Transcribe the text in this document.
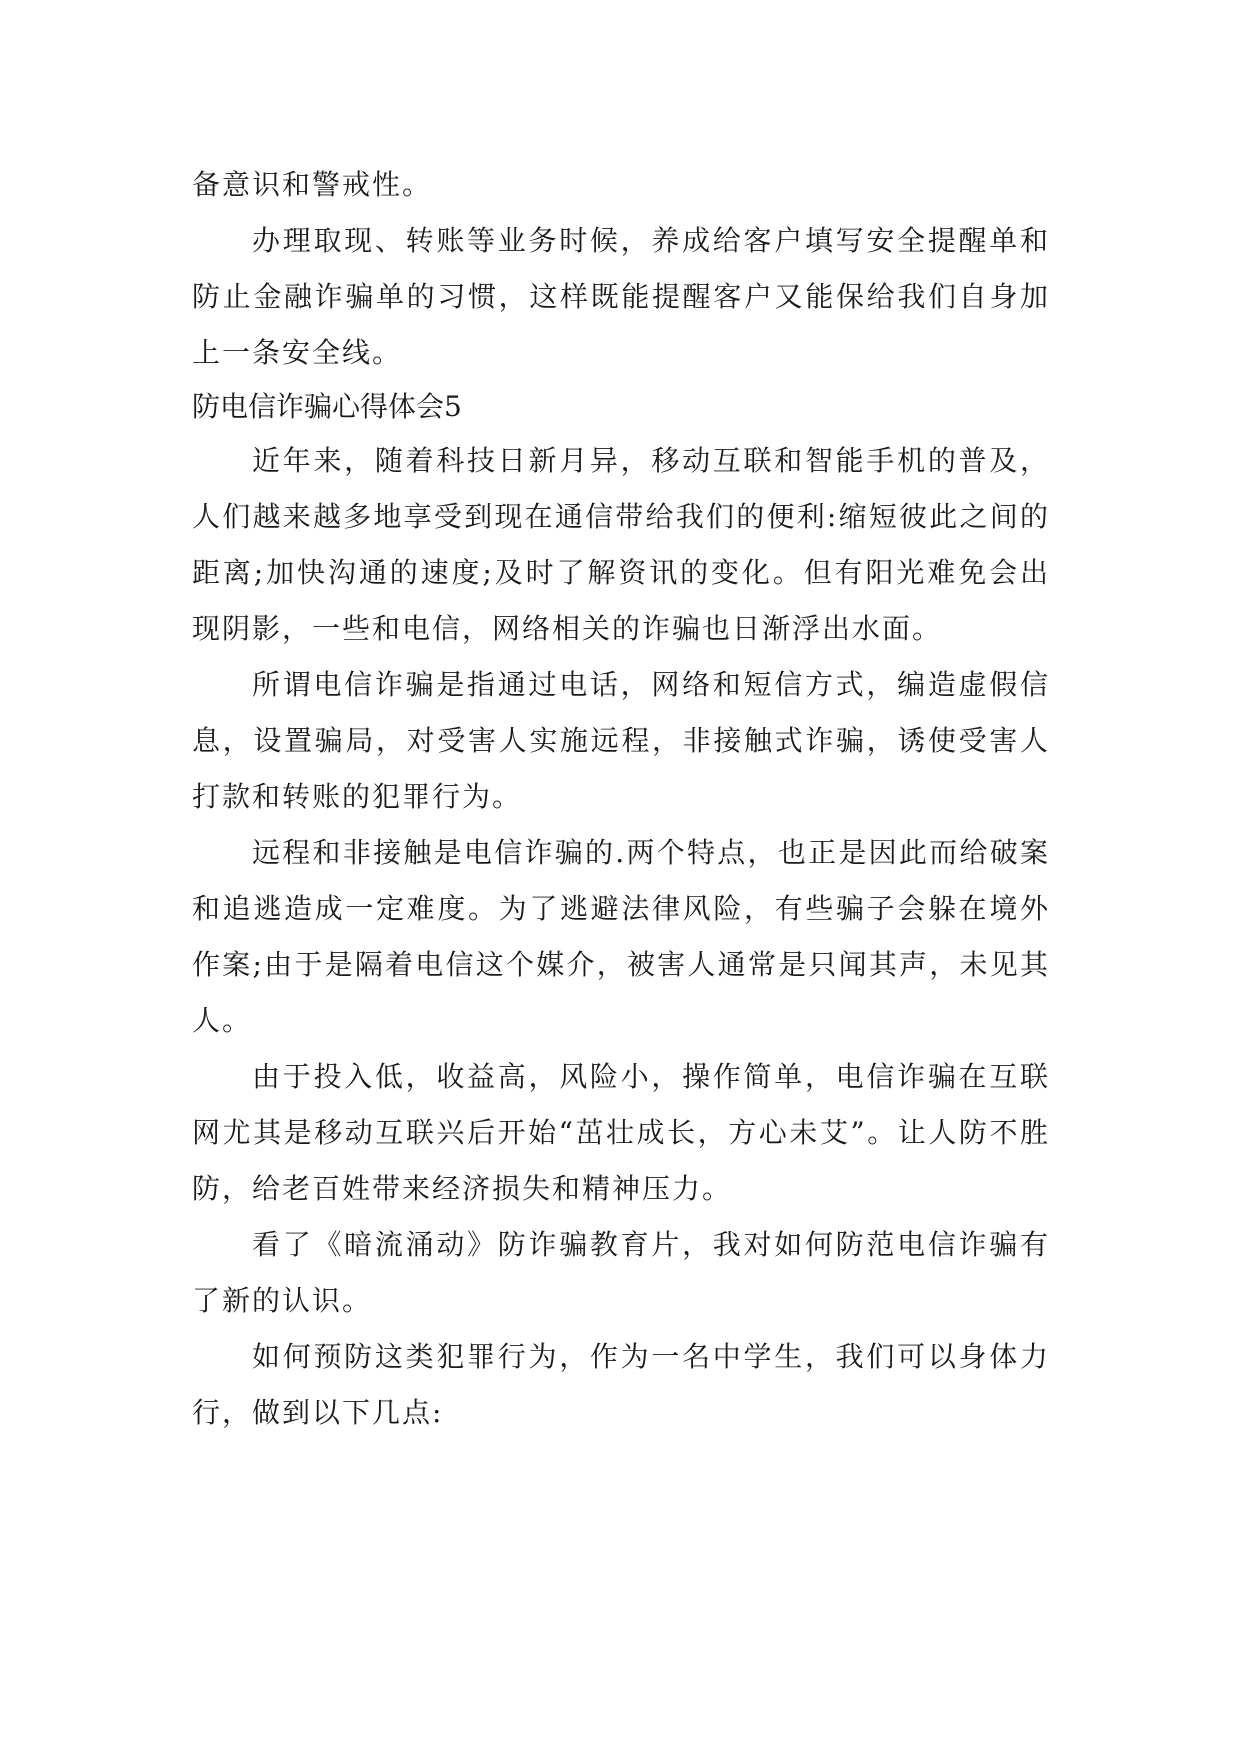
备意识和警戒性。

办理取现、转账等业务时候，养成给客户填写安全提醒单和防止金融诈骗单的习惯，这样既能提醒客户又能保给我们自身加上一条安全线。

防电信诈骗心得体会5

近年来，随着科技日新月异，移动互联和智能手机的普及，人们越来越多地享受到现在通信带给我们的便利:缩短彼此之间的距离;加快沟通的速度;及时了解资讯的变化。但有阳光难免会出现阴影，一些和电信，网络相关的诈骗也日渐浮出水面。

所谓电信诈骗是指通过电话，网络和短信方式，编造虚假信息，设置骗局，对受害人实施远程，非接触式诈骗，诱使受害人打款和转账的犯罪行为。

远程和非接触是电信诈骗的.两个特点，也正是因此而给破案和追逃造成一定难度。为了逃避法律风险，有些骗子会躲在境外作案;由于是隔着电信这个媒介，被害人通常是只闻其声，未见其人。

由于投入低，收益高，风险小，操作简单，电信诈骗在互联网尤其是移动互联兴后开始“茁壮成长，方心未艾”。让人防不胜防，给老百姓带来经济损失和精神压力。

看了《暗流涌动》防诈骗教育片，我对如何防范电信诈骗有了新的认识。

如何预防这类犯罪行为，作为一名中学生，我们可以身体力行，做到以下几点:
